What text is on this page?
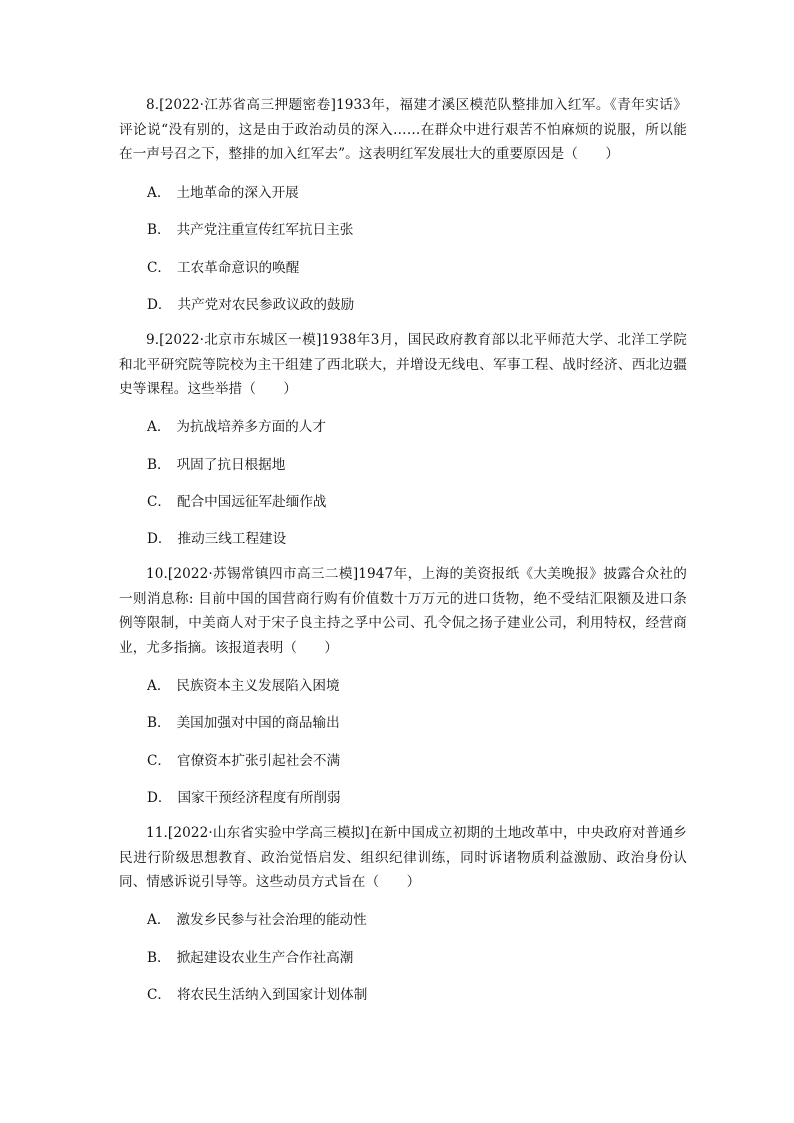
8.[2022·江苏省高三押题密卷]1933年，福建才溪区模范队整排加入红军。《青年实话》评论说“没有别的，这是由于政治动员的深入……在群众中进行艰苦不怕麻烦的说服，所以能在一声号召之下，整排的加入红军去”。这表明红军发展壮大的重要原因是（　　）

A． 土地革命的深入开展
B． 共产党注重宣传红军抗日主张
C． 工农革命意识的唤醒
D． 共产党对农民参政议政的鼓励

9.[2022·北京市东城区一模]1938年3月，国民政府教育部以北平师范大学、北洋工学院和北平研究院等院校为主干组建了西北联大，并增设无线电、军事工程、战时经济、西北边疆史等课程。这些举措（　　）

A． 为抗战培养多方面的人才
B． 巩固了抗日根据地
C． 配合中国远征军赴缅作战
D． 推动三线工程建设

10.[2022·苏锡常镇四市高三二模]1947年，上海的美资报纸《大美晚报》披露合众社的一则消息称: 目前中国的国营商行购有价值数十万万元的进口货物，绝不受结汇限额及进口条例等限制，中美商人对于宋子良主持之孚中公司、孔令侃之扬子建业公司，利用特权，经营商业，尤多指摘。该报道表明（　　）

A． 民族资本主义发展陷入困境
B． 美国加强对中国的商品输出
C． 官僚资本扩张引起社会不满
D． 国家干预经济程度有所削弱

11.[2022·山东省实验中学高三模拟]在新中国成立初期的土地改革中，中央政府对普通乡民进行阶级思想教育、政治觉悟启发、组织纪律训练，同时诉诸物质利益激励、政治身份认同、情感诉说引导等。这些动员方式旨在（　　）

A． 激发乡民参与社会治理的能动性
B． 掀起建设农业生产合作社高潮
C． 将农民生活纳入到国家计划体制
